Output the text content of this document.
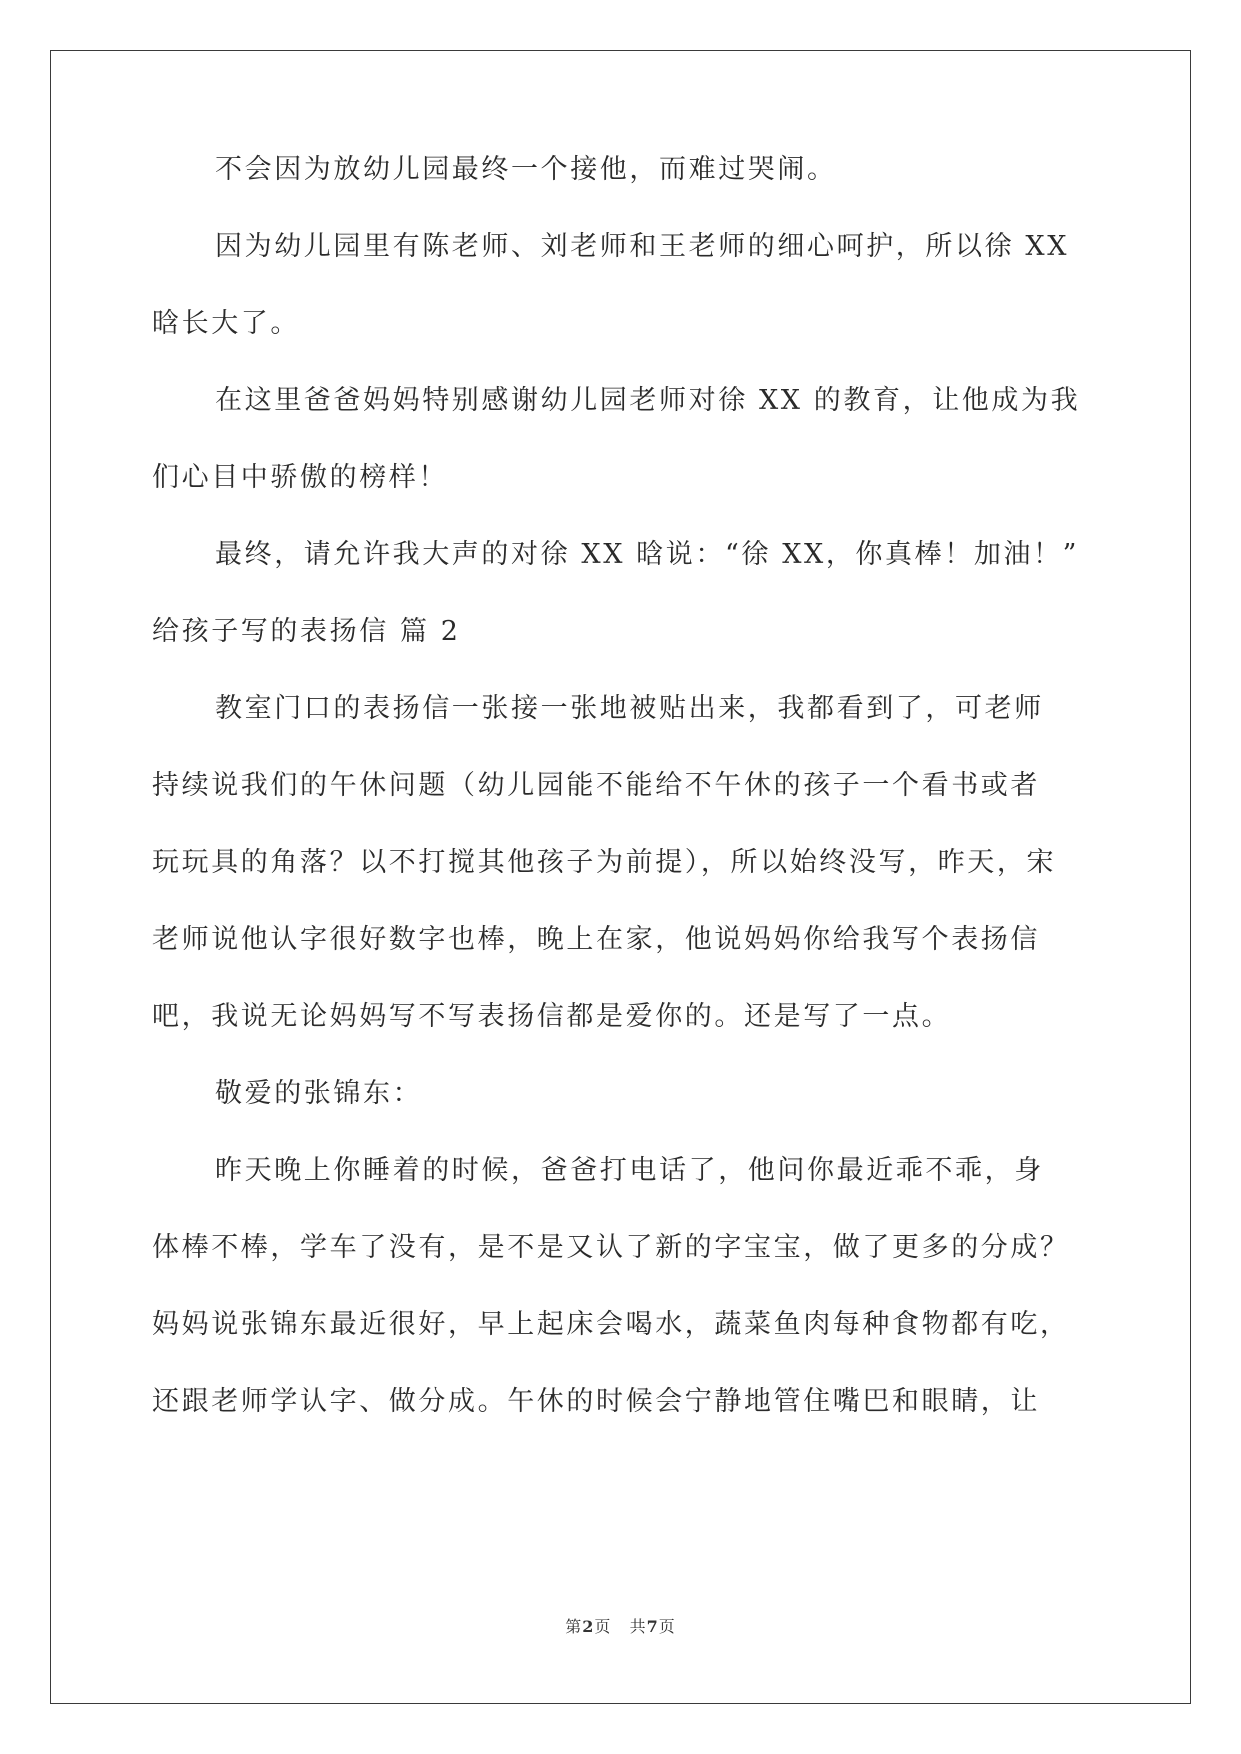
不会因为放幼儿园最终一个接他，而难过哭闹。
因为幼儿园里有陈老师、刘老师和王老师的细心呵护，所以徐 XX
晗长大了。
在这里爸爸妈妈特别感谢幼儿园老师对徐 XX 的教育，让他成为我
们心目中骄傲的榜样！
最终，请允许我大声的对徐 XX 晗说：“徐 XX，你真棒！加油！”
给孩子写的表扬信 篇 2
教室门口的表扬信一张接一张地被贴出来，我都看到了，可老师
持续说我们的午休问题（幼儿园能不能给不午休的孩子一个看书或者
玩玩具的角落？以不打搅其他孩子为前提），所以始终没写，昨天，宋
老师说他认字很好数字也棒，晚上在家，他说妈妈你给我写个表扬信
吧，我说无论妈妈写不写表扬信都是爱你的。还是写了一点。
敬爱的张锦东：
昨天晚上你睡着的时候，爸爸打电话了，他问你最近乖不乖，身
体棒不棒，学车了没有，是不是又认了新的字宝宝，做了更多的分成？
妈妈说张锦东最近很好，早上起床会喝水，蔬菜鱼肉每种食物都有吃，
还跟老师学认字、做分成。午休的时候会宁静地管住嘴巴和眼睛，让
第2页 共7页
